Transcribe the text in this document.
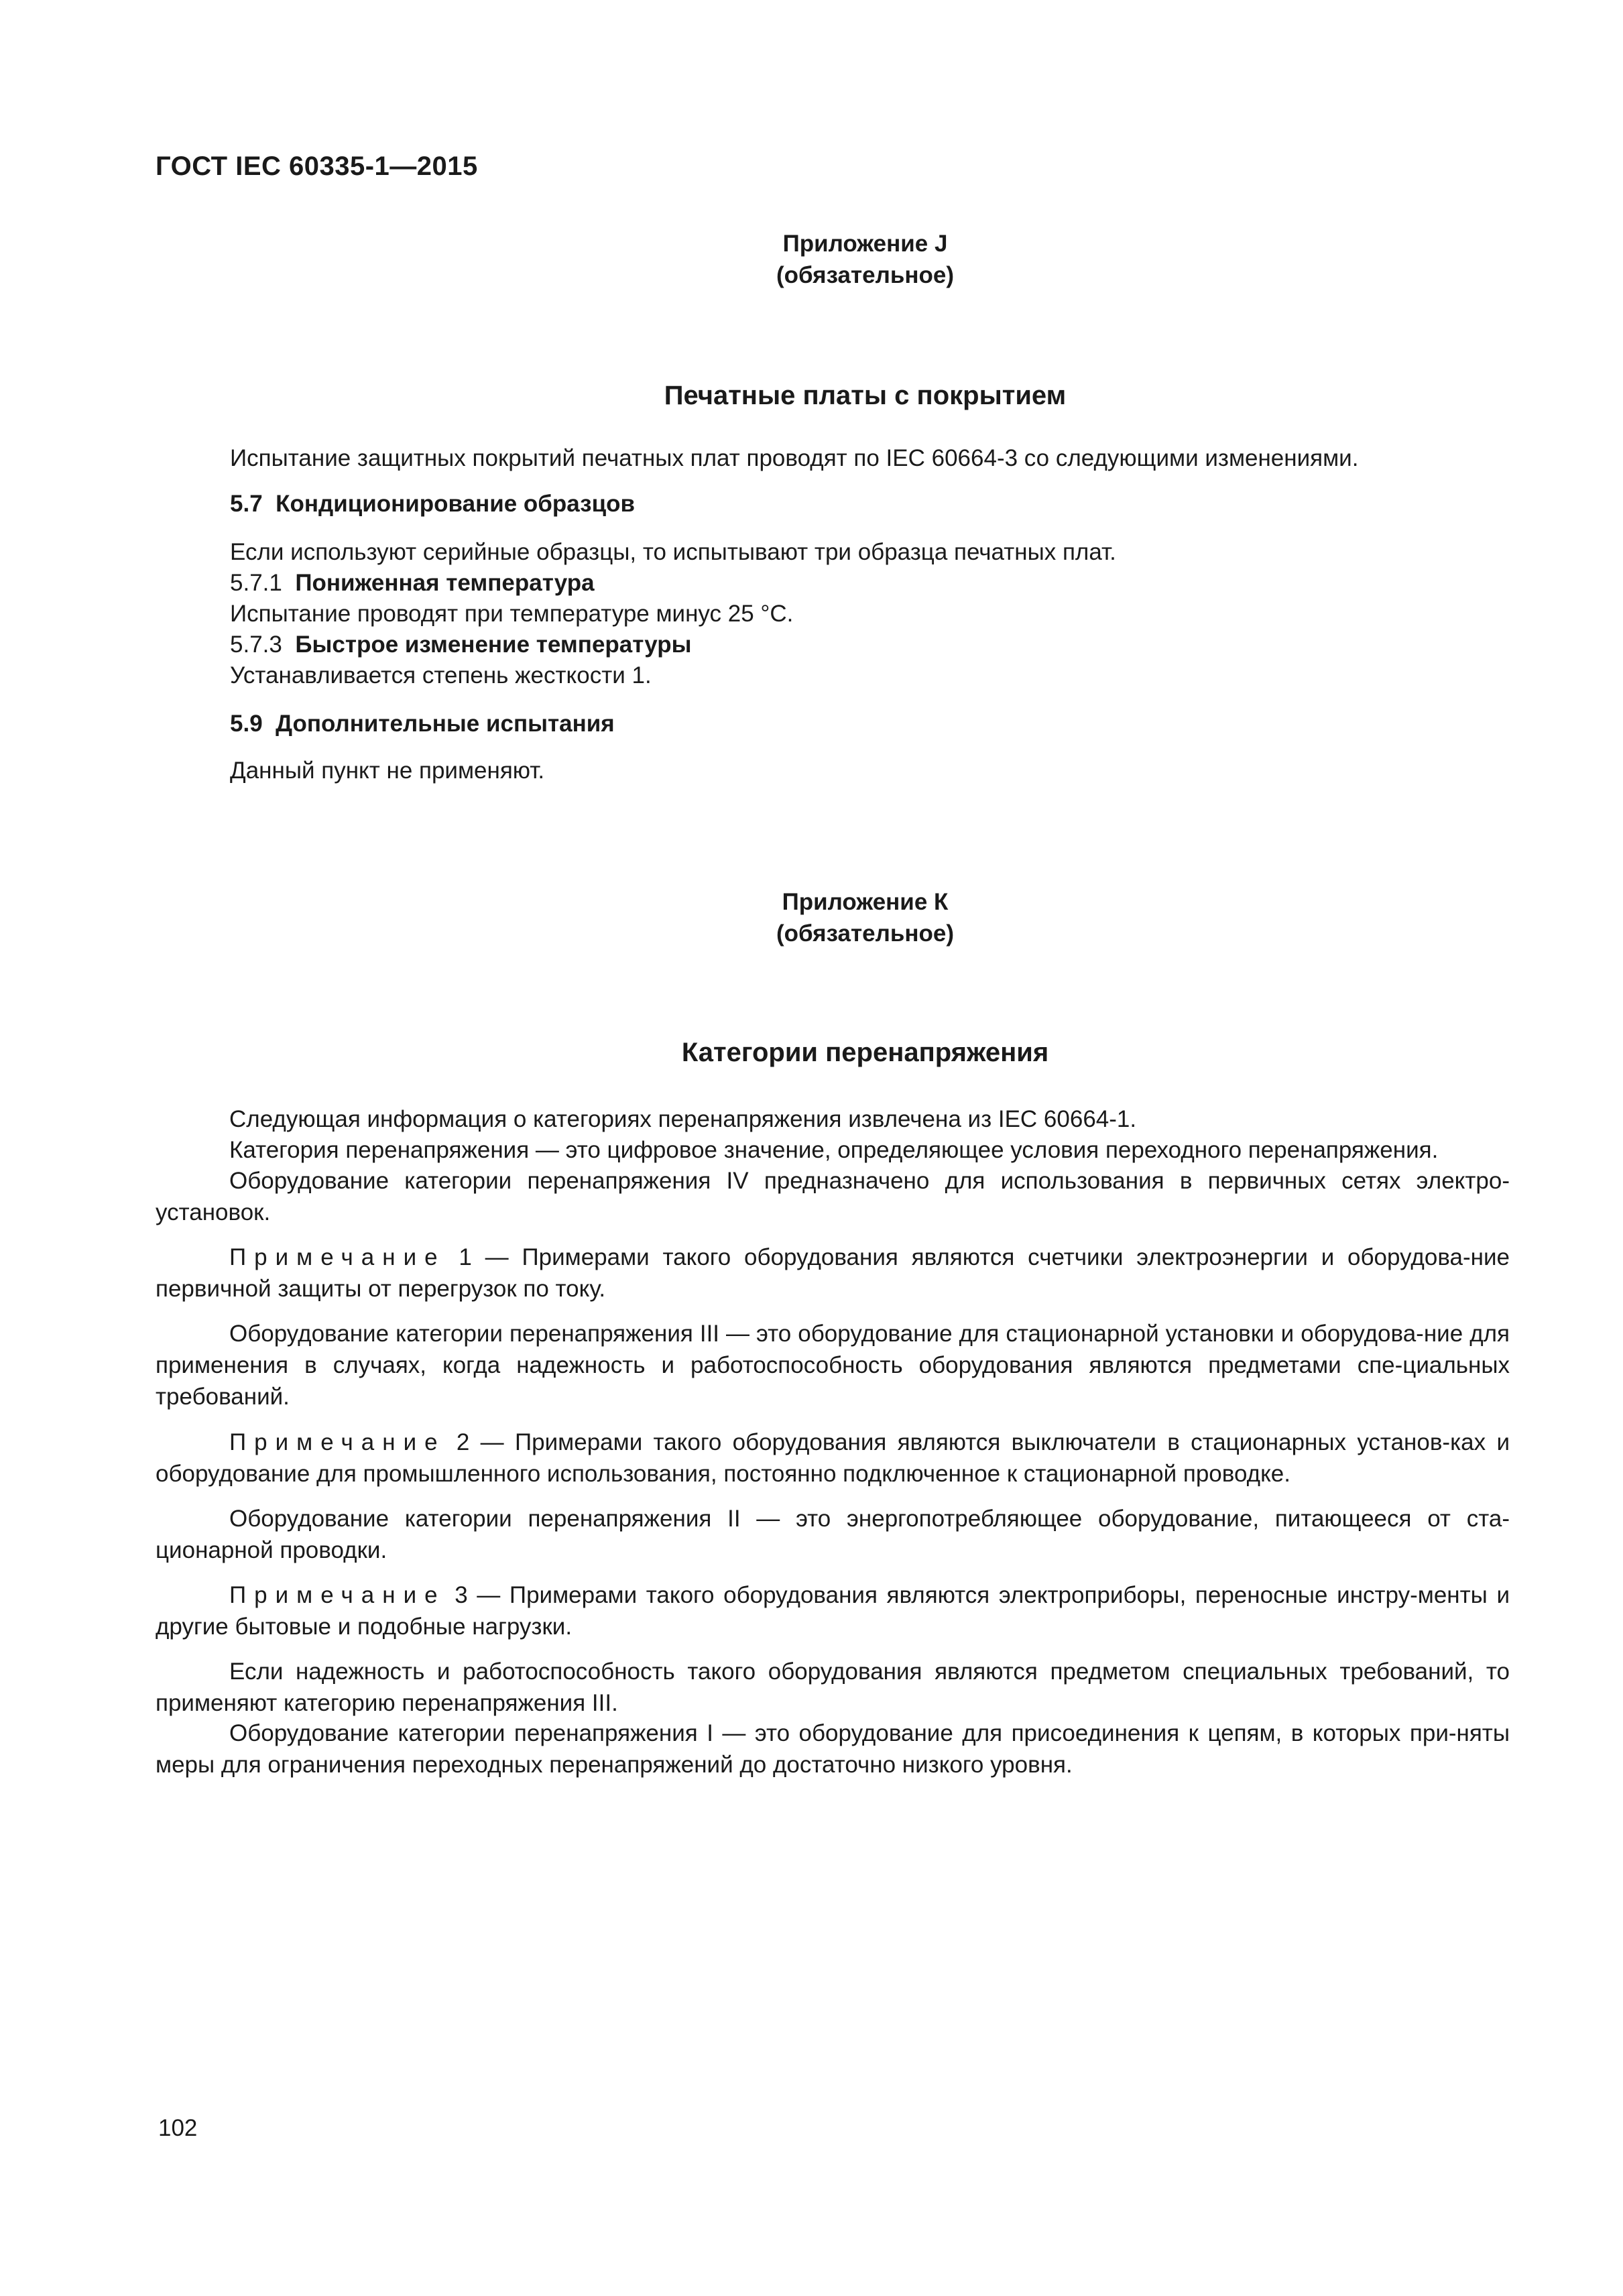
ГОСТ IEC 60335-1—2015
Приложение J
(обязательное)
Печатные платы с покрытием
Испытание защитных покрытий печатных плат проводят по IEC 60664-3 со следующими изменениями.
5.7 Кондиционирование образцов
Если используют серийные образцы, то испытывают три образца печатных плат.
5.7.1 Пониженная температура
Испытание проводят при температуре минус 25 °С.
5.7.3 Быстрое изменение температуры
Устанавливается степень жесткости 1.
5.9 Дополнительные испытания
Данный пункт не применяют.
Приложение К
(обязательное)
Категории перенапряжения
Следующая информация о категориях перенапряжения извлечена из IEC 60664-1.
Категория перенапряжения — это цифровое значение, определяющее условия переходного перенапряжения.
Оборудование категории перенапряжения IV предназначено для использования в первичных сетях электро-установок.
Примечание 1 — Примерами такого оборудования являются счетчики электроэнергии и оборудова-ние первичной защиты от перегрузок по току.
Оборудование категории перенапряжения III — это оборудование для стационарной установки и оборудова-ние для применения в случаях, когда надежность и работоспособность оборудования являются предметами спе-циальных требований.
Примечание 2 — Примерами такого оборудования являются выключатели в стационарных установ-ках и оборудование для промышленного использования, постоянно подключенное к стационарной проводке.
Оборудование категории перенапряжения II — это энергопотребляющее оборудование, питающееся от ста-ционарной проводки.
Примечание 3 — Примерами такого оборудования являются электроприборы, переносные инстру-менты и другие бытовые и подобные нагрузки.
Если надежность и работоспособность такого оборудования являются предметом специальных требований, то применяют категорию перенапряжения III.
Оборудование категории перенапряжения I — это оборудование для присоединения к цепям, в которых при-няты меры для ограничения переходных перенапряжений до достаточно низкого уровня.
102
